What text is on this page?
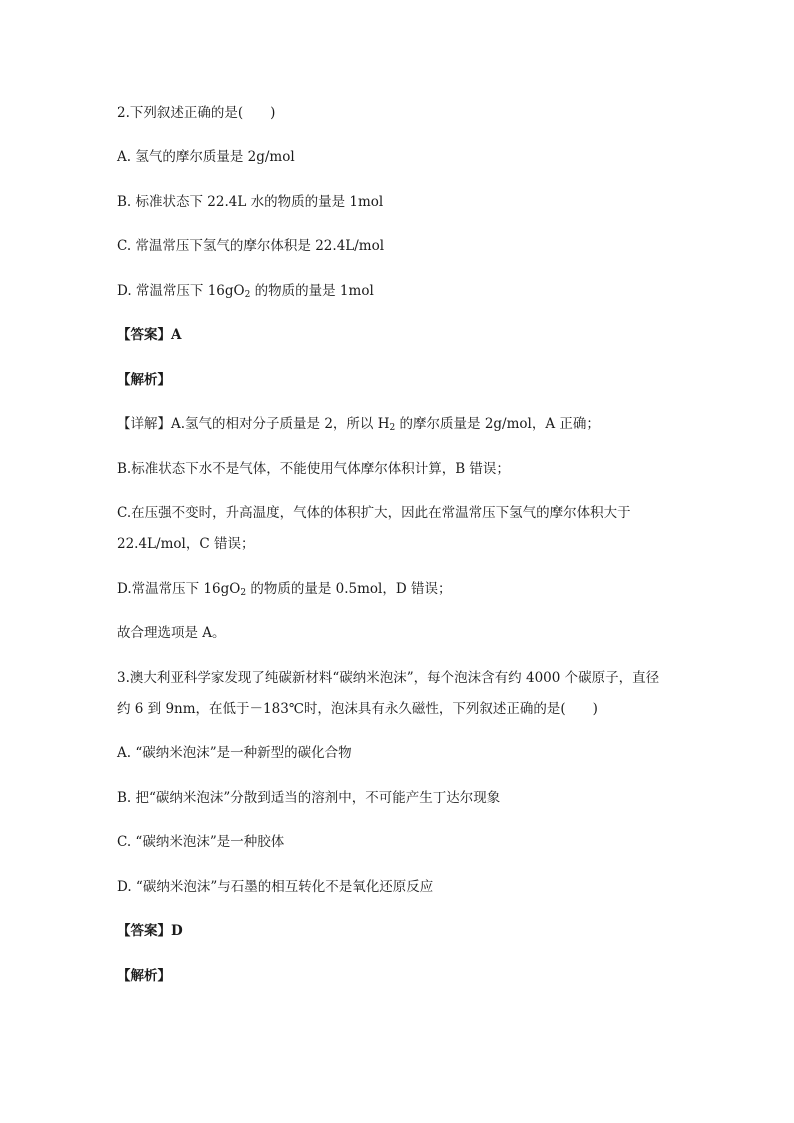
2.下列叙述正确的是(　　)
A. 氢气的摩尔质量是 2g/mol
B. 标准状态下 22.4L 水的物质的量是 1mol
C. 常温常压下氢气的摩尔体积是 22.4L/mol
D. 常温常压下 $16gO_2$ 的物质的量是 1mol
【答案】A
【解析】
【详解】A.氢气的相对分子质量是 2，所以 $H_2$ 的摩尔质量是 2g/mol，A 正确；
B.标准状态下水不是气体，不能使用气体摩尔体积计算，B 错误；
C.在压强不变时，升高温度，气体的体积扩大，因此在常温常压下氢气的摩尔体积大于
22.4L/mol，C 错误；
D.常温常压下 $16gO_2$ 的物质的量是 0.5mol，D 错误；
故合理选项是 A。
3.澳大利亚科学家发现了纯碳新材料“碳纳米泡沫”，每个泡沫含有约 4000 个碳原子，直径
约 6 到 9nm，在低于－183℃时，泡沫具有永久磁性，下列叙述正确的是(　　)
A. “碳纳米泡沫”是一种新型的碳化合物
B. 把“碳纳米泡沫”分散到适当的溶剂中，不可能产生丁达尔现象
C. “碳纳米泡沫”是一种胶体
D. “碳纳米泡沫”与石墨的相互转化不是氧化还原反应
【答案】D
【解析】
